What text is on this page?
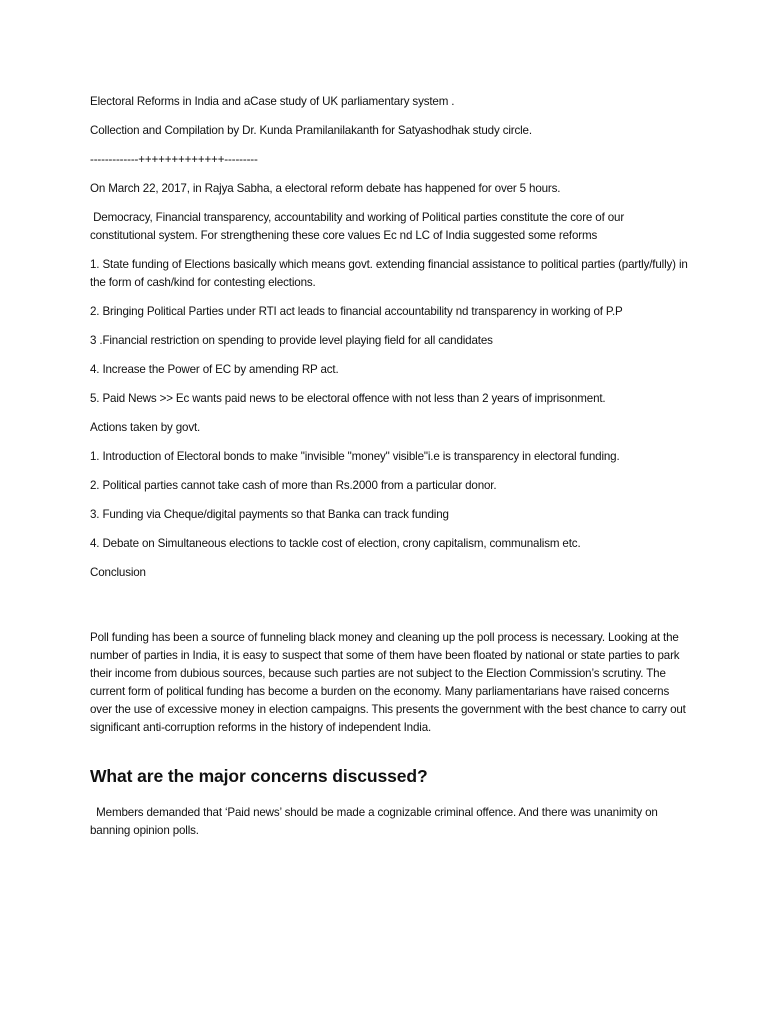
Electoral Reforms in India and aCase study of UK parliamentary system .

Collection and Compilation by Dr. Kunda Pramilanilakanth for Satyashodhak study circle.

-------------+++++++++++++---------

On March 22, 2017, in Rajya Sabha, a electoral reform debate has happened for over 5 hours.

Democracy, Financial transparency, accountability and working of Political parties constitute the core of our constitutional system. For strengthening these core values Ec nd LC of India suggested some reforms

1. State funding of Elections basically which means govt. extending financial assistance to political parties (partly/fully) in the form of cash/kind for contesting elections.

2. Bringing Political Parties under RTI act leads to financial accountability nd transparency in working of P.P

3 .Financial restriction on spending to provide level playing field for all candidates

4. Increase the Power of EC by amending RP act.

5. Paid News >> Ec wants paid news to be electoral offence with not less than 2 years of imprisonment.

Actions taken by govt.

1. Introduction of Electoral bonds to make "invisible "money" visible"i.e is transparency in electoral funding.

2. Political parties cannot take cash of more than Rs.2000 from a particular donor.

3. Funding via Cheque/digital payments so that Banka can track funding

4. Debate on Simultaneous elections to tackle cost of election, crony capitalism, communalism etc.

Conclusion

Poll funding has been a source of funneling black money and cleaning up the poll process is necessary. Looking at the number of parties in India, it is easy to suspect that some of them have been floated by national or state parties to park their income from dubious sources, because such parties are not subject to the Election Commission’s scrutiny. The current form of political funding has become a burden on the economy. Many parliamentarians have raised concerns over the use of excessive money in election campaigns. This presents the government with the best chance to carry out significant anti-corruption reforms in the history of independent India.

What are the major concerns discussed?

Members demanded that ‘Paid news’ should be made a cognizable criminal offence. And there was unanimity on banning opinion polls.
